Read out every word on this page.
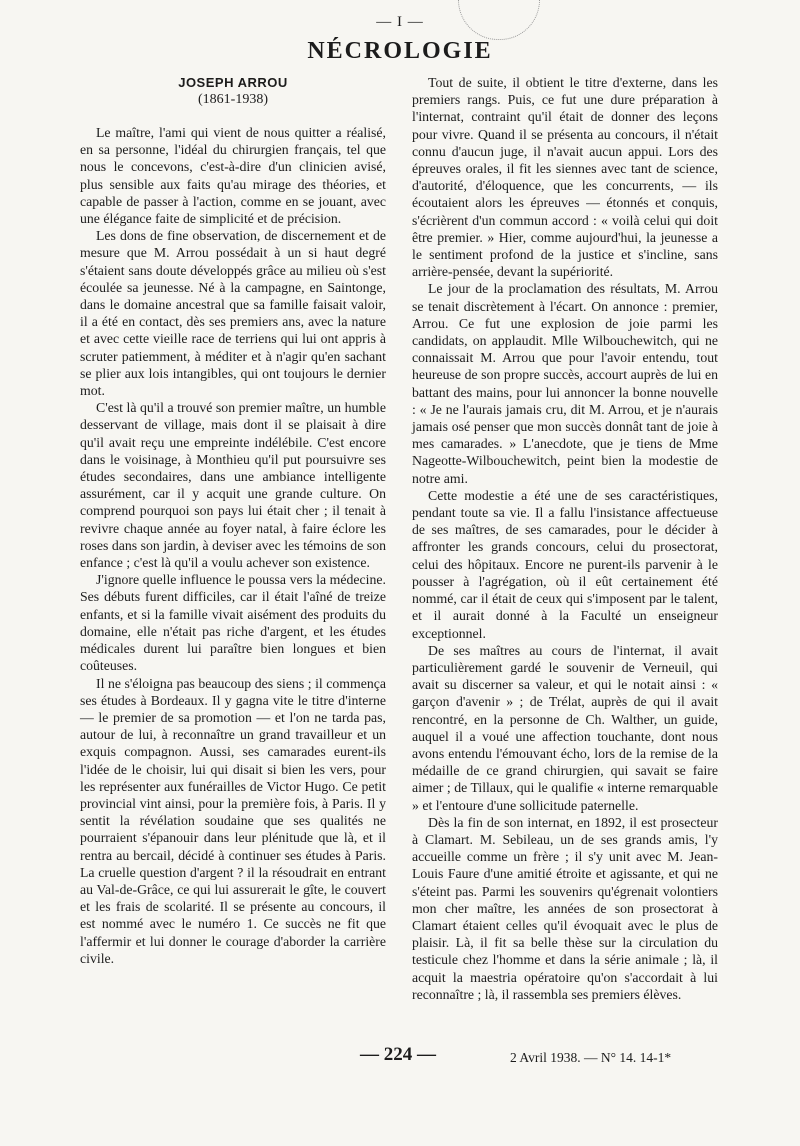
— I —
NÉCROLOGIE
JOSEPH ARROU
(1861-1938)

Le maître, l'ami qui vient de nous quitter a réalisé, en sa personne, l'idéal du chirurgien français, tel que nous le concevons, c'est-à-dire d'un clinicien avisé, plus sensible aux faits qu'au mirage des théories, et capable de passer à l'action, comme en se jouant, avec une élégance faite de simplicité et de précision.

Les dons de fine observation, de discernement et de mesure que M. Arrou possédait à un si haut degré s'étaient sans doute développés grâce au milieu où s'est écoulée sa jeunesse. Né à la campagne, en Saintonge, dans le domaine ancestral que sa famille faisait valoir, il a été en contact, dès ses premiers ans, avec la nature et avec cette vieille race de terriens qui lui ont appris à scruter patiemment, à méditer et à n'agir qu'en sachant se plier aux lois intangibles, qui ont toujours le dernier mot.

C'est là qu'il a trouvé son premier maître, un humble desservant de village, mais dont il se plaisait à dire qu'il avait reçu une empreinte indélébile. C'est encore dans le voisinage, à Monthieu qu'il put poursuivre ses études secondaires, dans une ambiance intelligente assurément, car il y acquit une grande culture. On comprend pourquoi son pays lui était cher ; il tenait à revivre chaque année au foyer natal, à faire éclore les roses dans son jardin, à deviser avec les témoins de son enfance ; c'est là qu'il a voulu achever son existence.

J'ignore quelle influence le poussa vers la médecine. Ses débuts furent difficiles, car il était l'aîné de treize enfants, et si la famille vivait aisément des produits du domaine, elle n'était pas riche d'argent, et les études médicales durent lui paraître bien longues et bien coûteuses.

Il ne s'éloigna pas beaucoup des siens ; il commença ses études à Bordeaux. Il y gagna vite le titre d'interne — le premier de sa promotion — et l'on ne tarda pas, autour de lui, à reconnaître un grand travailleur et un exquis compagnon. Aussi, ses camarades eurent-ils l'idée de le choisir, lui qui disait si bien les vers, pour les représenter aux funérailles de Victor Hugo. Ce petit provincial vint ainsi, pour la première fois, à Paris. Il y sentit la révélation soudaine que ses qualités ne pourraient s'épanouir dans leur plénitude que là, et il rentra au bercail, décidé à continuer ses études à Paris. La cruelle question d'argent ? il la résoudrait en entrant au Val-de-Grâce, ce qui lui assurerait le gîte, le couvert et les frais de scolarité. Il se présente au concours, il est nommé avec le numéro 1. Ce succès ne fit que l'affermir et lui donner le courage d'aborder la carrière civile.

Tout de suite, il obtient le titre d'externe, dans les premiers rangs. Puis, ce fut une dure préparation à l'internat, contraint qu'il était de donner des leçons pour vivre. Quand il se présenta au concours, il n'était connu d'aucun juge, il n'avait aucun appui. Lors des épreuves orales, il fit les siennes avec tant de science, d'autorité, d'éloquence, que les concurrents, — ils écoutaient alors les épreuves — étonnés et conquis, s'écrièrent d'un commun accord : « voilà celui qui doit être premier. » Hier, comme aujourd'hui, la jeunesse a le sentiment profond de la justice et s'incline, sans arrière-pensée, devant la supériorité.

Le jour de la proclamation des résultats, M. Arrou se tenait discrètement à l'écart. On annonce : premier, Arrou. Ce fut une explosion de joie parmi les candidats, on applaudit. Mlle Wilbouchewitch, qui ne connaissait M. Arrou que pour l'avoir entendu, tout heureuse de son propre succès, accourt auprès de lui en battant des mains, pour lui annoncer la bonne nouvelle : « Je ne l'aurais jamais cru, dit M. Arrou, et je n'aurais jamais osé penser que mon succès donnât tant de joie à mes camarades. » L'anecdote, que je tiens de Mme Nageotte-Wilbouchewitch, peint bien la modestie de notre ami.

Cette modestie a été une de ses caractéristiques, pendant toute sa vie. Il a fallu l'insistance affectueuse de ses maîtres, de ses camarades, pour le décider à affronter les grands concours, celui du prosectorat, celui des hôpitaux. Encore ne purent-ils parvenir à le pousser à l'agrégation, où il eût certainement été nommé, car il était de ceux qui s'imposent par le talent, et il aurait donné à la Faculté un enseigneur exceptionnel.

De ses maîtres au cours de l'internat, il avait particulièrement gardé le souvenir de Verneuil, qui avait su discerner sa valeur, et qui le notait ainsi : « garçon d'avenir » ; de Trélat, auprès de qui il avait rencontré, en la personne de Ch. Walther, un guide, auquel il a voué une affection touchante, dont nous avons entendu l'émouvant écho, lors de la remise de la médaille de ce grand chirurgien, qui savait se faire aimer ; de Tillaux, qui le qualifie « interne remarquable » et l'entoure d'une sollicitude paternelle.

Dès la fin de son internat, en 1892, il est prosecteur à Clamart. M. Sebileau, un de ses grands amis, l'y accueille comme un frère ; il s'y unit avec M. Jean-Louis Faure d'une amitié étroite et agissante, et qui ne s'éteint pas. Parmi les souvenirs qu'égrenait volontiers mon cher maître, les années de son prosectorat à Clamart étaient celles qu'il évoquait avec le plus de plaisir. Là, il fit sa belle thèse sur la circulation du testicule chez l'homme et dans la série animale ; là, il acquit la maestria opératoire qu'on s'accordait à lui reconnaître ; là, il rassembla ses premiers élèves.

— 224 —	2 Avril 1938. — N° 14. 14-1*
